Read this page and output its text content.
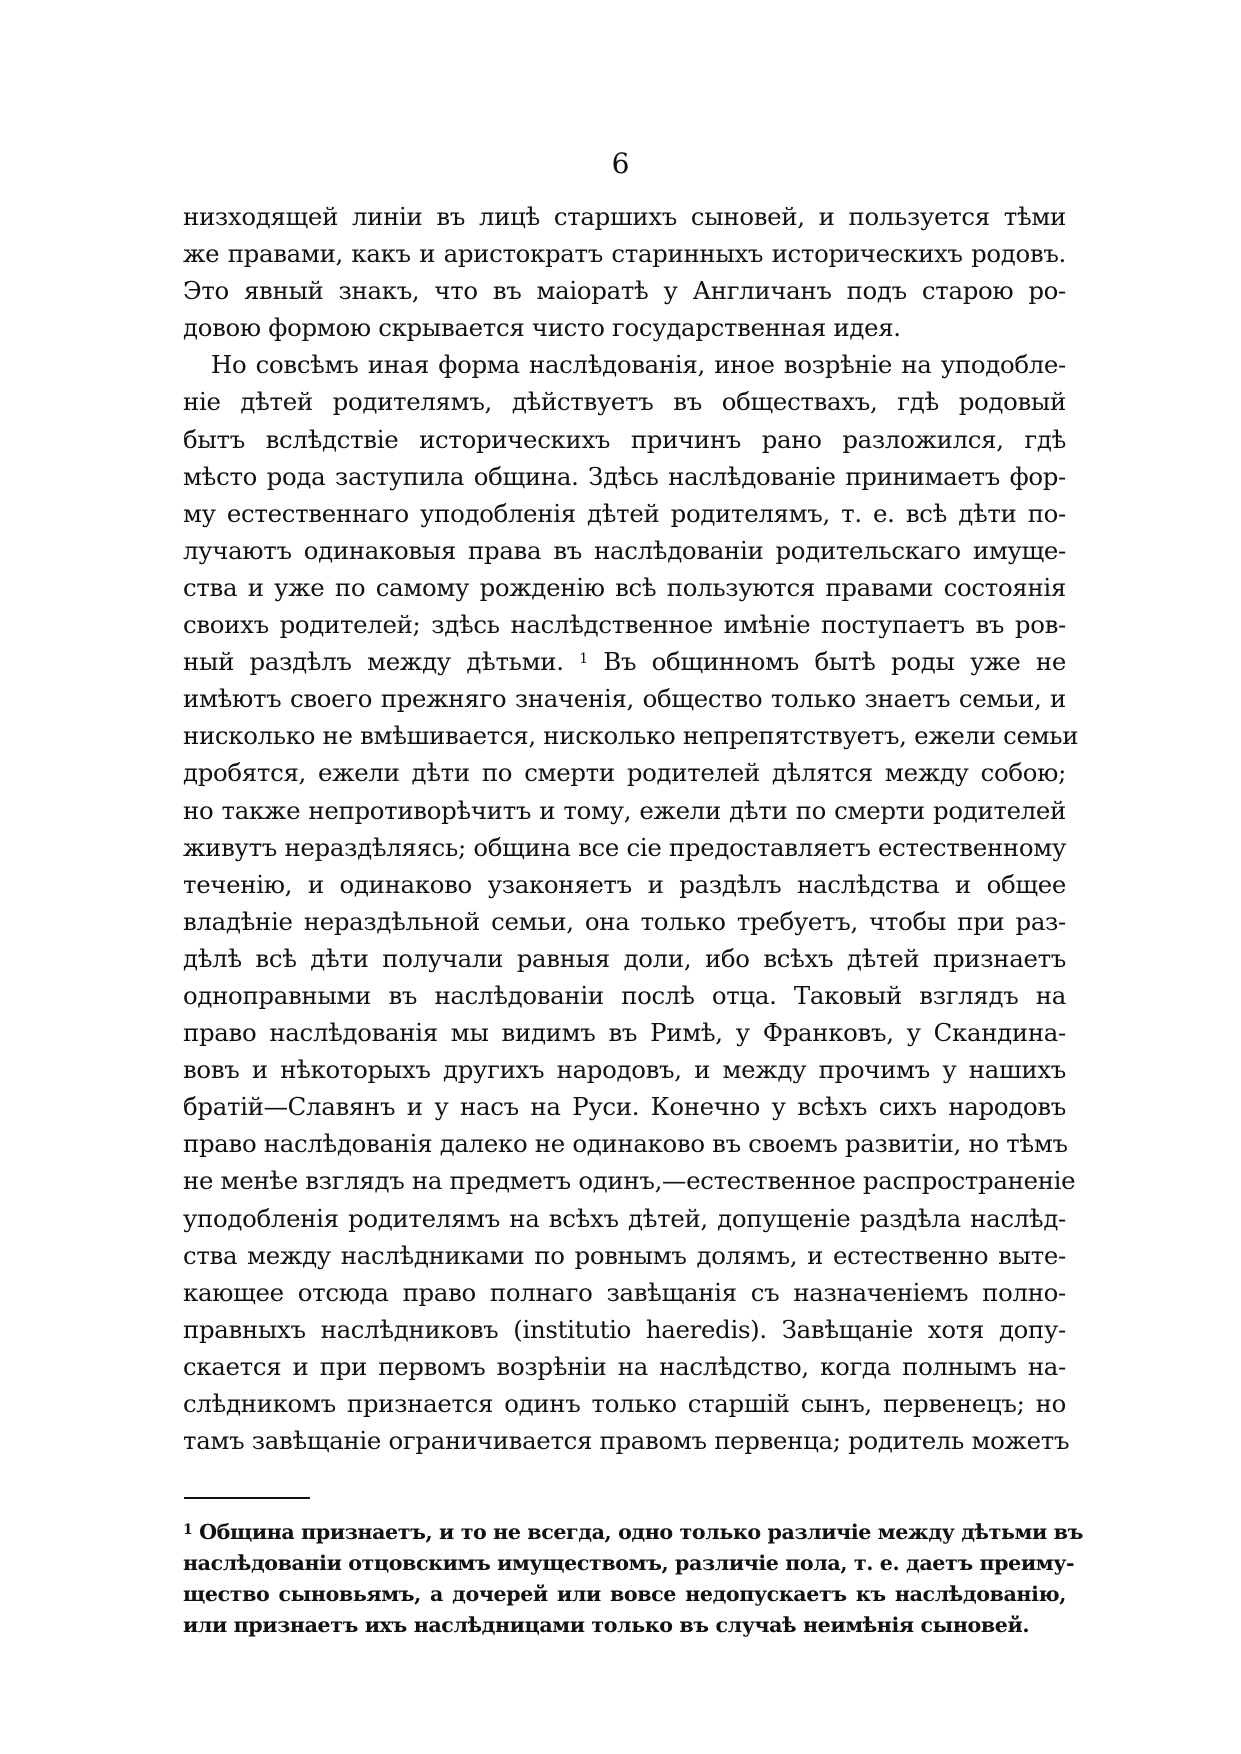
6
низходящей линіи въ лицѣ старшихъ сыновей, и пользуется тѣми
же правами, какъ и аристократъ старинныхъ историческихъ родовъ.
Это явный знакъ, что въ маіоратѣ у Англичанъ подъ старою ро-
довою формою скрывается чисто государственная идея.
Но совсѣмъ иная форма наслѣдованія, иное возрѣніе на уподобле-
ніе дѣтей родителямъ, дѣйствуетъ въ обществахъ, гдѣ родовый
бытъ вслѣдствіе историческихъ причинъ рано разложился, гдѣ
мѣсто рода заступила община. Здѣсь наслѣдованіе принимаетъ фор-
му естественнаго уподобленія дѣтей родителямъ, т. е. всѣ дѣти по-
лучаютъ одинаковыя права въ наслѣдованіи родительскаго имуще-
ства и уже по самому рожденію всѣ пользуются правами состоянія
своихъ родителей; здѣсь наслѣдственное имѣніе поступаетъ въ ров-
ный раздѣлъ между дѣтьми. $^1$ Въ общинномъ бытѣ роды уже не
имѣютъ своего прежняго значенія, общество только знаетъ семьи, и
нисколько не вмѣшивается, нисколько непрепятствуетъ, ежели семьи
дробятся, ежели дѣти по смерти родителей дѣлятся между собою;
но также непротиворѣчитъ и тому, ежели дѣти по смерти родителей
живутъ нераздѣляясь; община все сіе предоставляетъ естественному
теченію, и одинаково узаконяетъ и раздѣлъ наслѣдства и общее
владѣніе нераздѣльной семьи, она только требуетъ, чтобы при раз-
дѣлѣ всѣ дѣти получали равныя доли, ибо всѣхъ дѣтей признаетъ
одноправными въ наслѣдованіи послѣ отца. Таковый взглядъ на
право наслѣдованія мы видимъ въ Римѣ, у Франковъ, у Скандина-
вовъ и нѣкоторыхъ другихъ народовъ, и между прочимъ у нашихъ
братій—Славянъ и у насъ на Руси. Конечно у всѣхъ сихъ народовъ
право наслѣдованія далеко не одинаково въ своемъ развитіи, но тѣмъ
не менѣе взглядъ на предметъ одинъ,—естественное распространеніе
уподобленія родителямъ на всѣхъ дѣтей, допущеніе раздѣла наслѣд-
ства между наслѣдниками по ровнымъ долямъ, и естественно выте-
кающее отсюда право полнаго завѣщанія съ назначеніемъ полно-
правныхъ наслѣдниковъ (institutio haeredis). Завѣщаніе хотя допу-
скается и при первомъ возрѣніи на наслѣдство, когда полнымъ на-
слѣдникомъ признается одинъ только старшій сынъ, первенецъ; но
тамъ завѣщаніе ограничивается правомъ первенца; родитель можетъ
$^1$ Община признаетъ, и то не всегда, одно только различіе между дѣтьми въ
наслѣдованіи отцовскимъ имуществомъ, различіе пола, т. е. даетъ преиму-
щество сыновьямъ, а дочерей или вовсе недопускаетъ къ наслѣдованію,
или признаетъ ихъ наслѣдницами только въ случаѣ неимѣнія сыновей.
